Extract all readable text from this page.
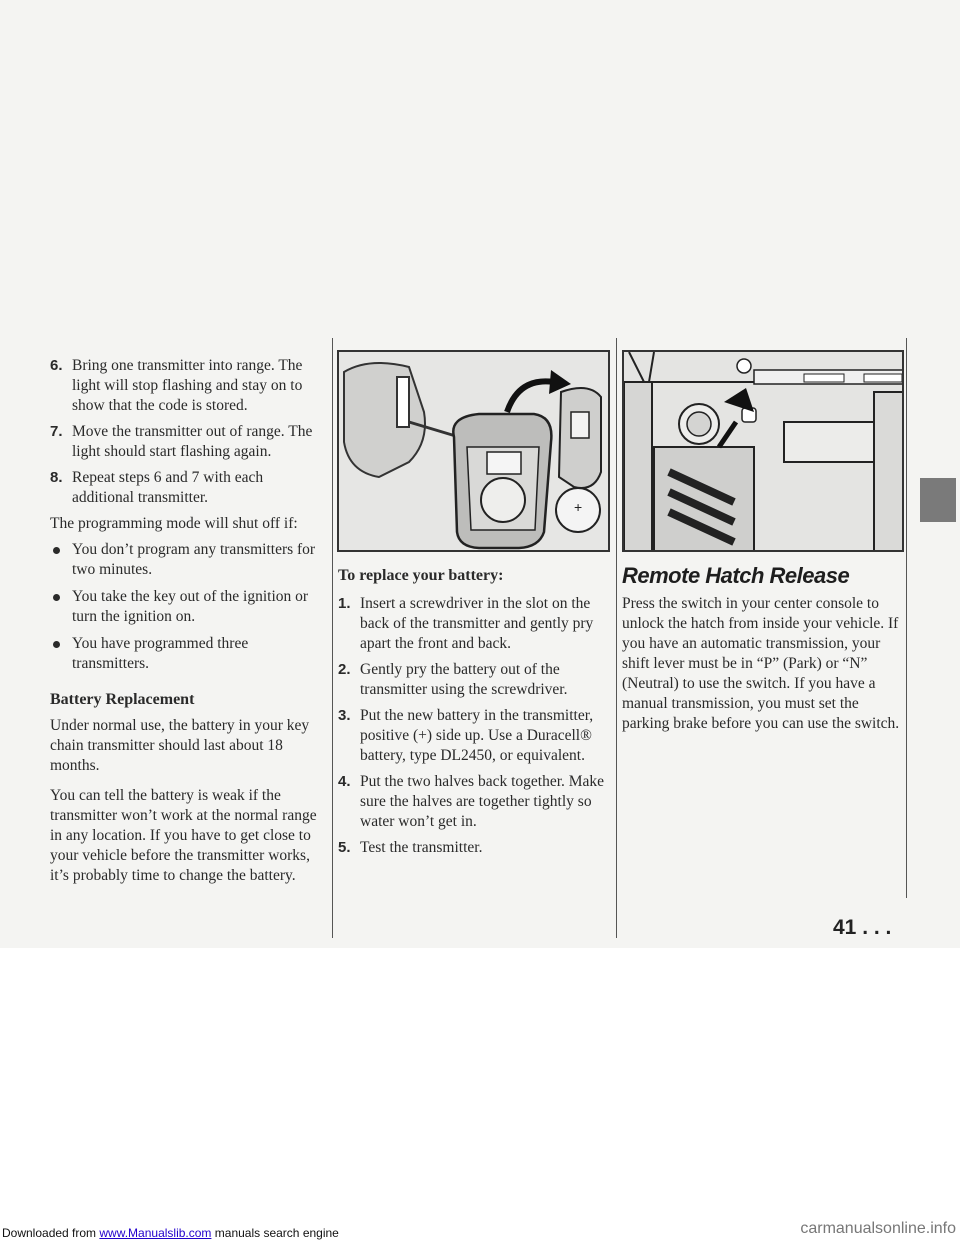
6. Bring one transmitter into range. The light will stop flashing and stay on to show that the code is stored.
7. Move the transmitter out of range. The light should start flashing again.
8. Repeat steps 6 and 7 with each additional transmitter.

The programming mode will shut off if:

You don’t program any transmitters for two minutes.
You take the key out of the ignition or turn the ignition on.
You have programmed three transmitters.
Battery Replacement

Under normal use, the battery in your key chain transmitter should last about 18 months.

You can tell the battery is weak if the transmitter won’t work at the normal range in any location. If you have to get close to your vehicle before the transmitter works, it’s probably time to change the battery.

+
To replace your battery:
1. Insert a screwdriver in the slot on the back of the transmitter and gently pry apart the front and back.
2. Gently pry the battery out of the transmitter using the screwdriver.
3. Put the new battery in the transmitter, positive (+) side up. Use a Duracell® battery, type DL2450, or equivalent.
4. Put the two halves back together. Make sure the halves are together tightly so water won’t get in.
5. Test the transmitter.
Remote Hatch Release

Press the switch in your center console to unlock the hatch from inside your vehicle. If you have an automatic transmission, your shift lever must be in “P” (Park) or “N” (Neutral) to use the switch. If you have a manual transmission, you must set the parking brake before you can use the switch.

41 . . .
Downloaded from www.Manualslib.com manuals search engine	carmanualsonline.info
